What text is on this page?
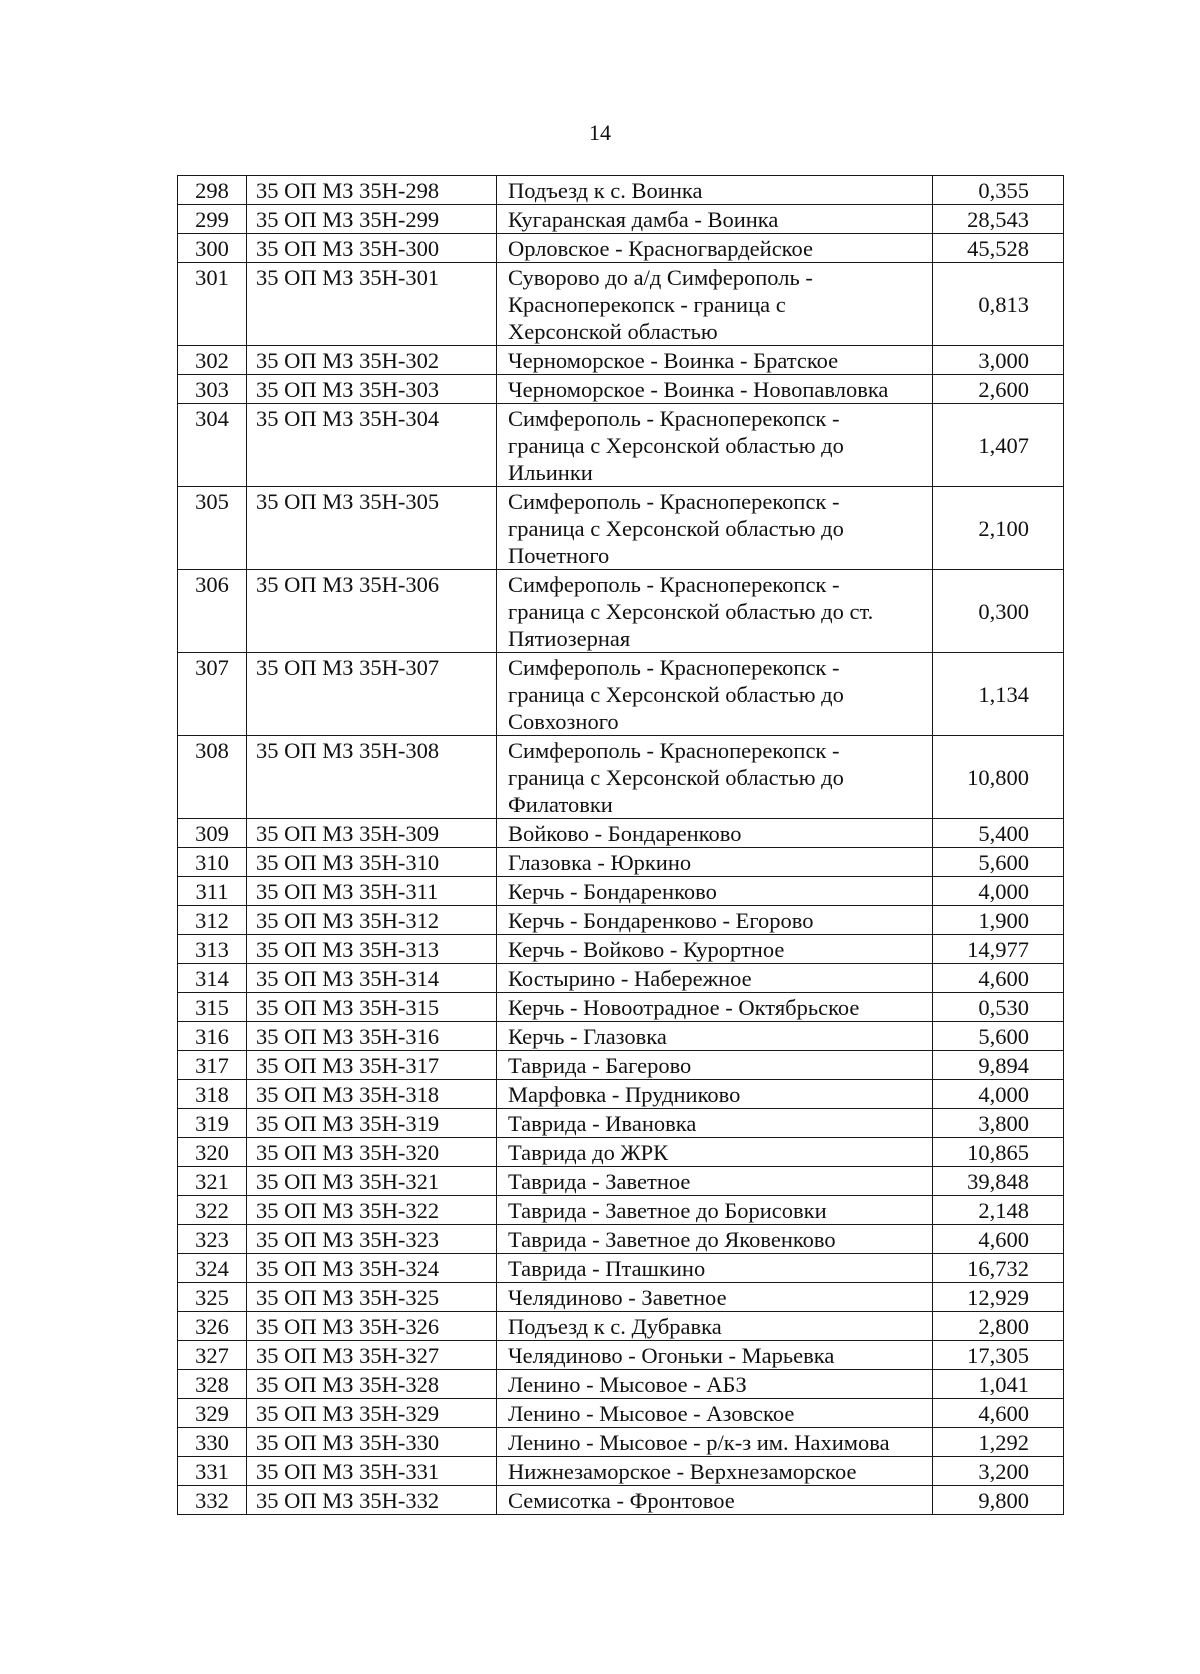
14
298	35 ОП МЗ 35Н-298	Подъезд к с. Воинка	0,355
299	35 ОП МЗ 35Н-299	Кугаранская дамба - Воинка	28,543
300	35 ОП МЗ 35Н-300	Орловское - Красногвардейское	45,528
301	35 ОП МЗ 35Н-301	Суворово до а/д Симферополь -
Красноперекопск - граница с
Херсонской областью	0,813
302	35 ОП МЗ 35Н-302	Черноморское - Воинка - Братское	3,000
303	35 ОП МЗ 35Н-303	Черноморское - Воинка - Новопавловка	2,600
304	35 ОП МЗ 35Н-304	Симферополь - Красноперекопск -
граница с Херсонской областью до
Ильинки	1,407
305	35 ОП МЗ 35Н-305	Симферополь - Красноперекопск -
граница с Херсонской областью до
Почетного	2,100
306	35 ОП МЗ 35Н-306	Симферополь - Красноперекопск -
граница с Херсонской областью до ст.
Пятиозерная	0,300
307	35 ОП МЗ 35Н-307	Симферополь - Красноперекопск -
граница с Херсонской областью до
Совхозного	1,134
308	35 ОП МЗ 35Н-308	Симферополь - Красноперекопск -
граница с Херсонской областью до
Филатовки	10,800
309	35 ОП МЗ 35Н-309	Войково - Бондаренково	5,400
310	35 ОП МЗ 35Н-310	Глазовка - Юркино	5,600
311	35 ОП МЗ 35Н-311	Керчь - Бондаренково	4,000
312	35 ОП МЗ 35Н-312	Керчь - Бондаренково - Егорово	1,900
313	35 ОП МЗ 35Н-313	Керчь - Войково - Курортное	14,977
314	35 ОП МЗ 35Н-314	Костырино - Набережное	4,600
315	35 ОП МЗ 35Н-315	Керчь - Новоотрадное - Октябрьское	0,530
316	35 ОП МЗ 35Н-316	Керчь - Глазовка	5,600
317	35 ОП МЗ 35Н-317	Таврида - Багерово	9,894
318	35 ОП МЗ 35Н-318	Марфовка - Прудниково	4,000
319	35 ОП МЗ 35Н-319	Таврида - Ивановка	3,800
320	35 ОП МЗ 35Н-320	Таврида до ЖРК	10,865
321	35 ОП МЗ 35Н-321	Таврида - Заветное	39,848
322	35 ОП МЗ 35Н-322	Таврида - Заветное до Борисовки	2,148
323	35 ОП МЗ 35Н-323	Таврида - Заветное до Яковенково	4,600
324	35 ОП МЗ 35Н-324	Таврида - Пташкино	16,732
325	35 ОП МЗ 35Н-325	Челядиново - Заветное	12,929
326	35 ОП МЗ 35Н-326	Подъезд к с. Дубравка	2,800
327	35 ОП МЗ 35Н-327	Челядиново - Огоньки - Марьевка	17,305
328	35 ОП МЗ 35Н-328	Ленино - Мысовое - АБЗ	1,041
329	35 ОП МЗ 35Н-329	Ленино - Мысовое - Азовское	4,600
330	35 ОП МЗ 35Н-330	Ленино - Мысовое - р/к-з им. Нахимова	1,292
331	35 ОП МЗ 35Н-331	Нижнезаморское - Верхнезаморское	3,200
332	35 ОП МЗ 35Н-332	Семисотка - Фронтовое	9,800
